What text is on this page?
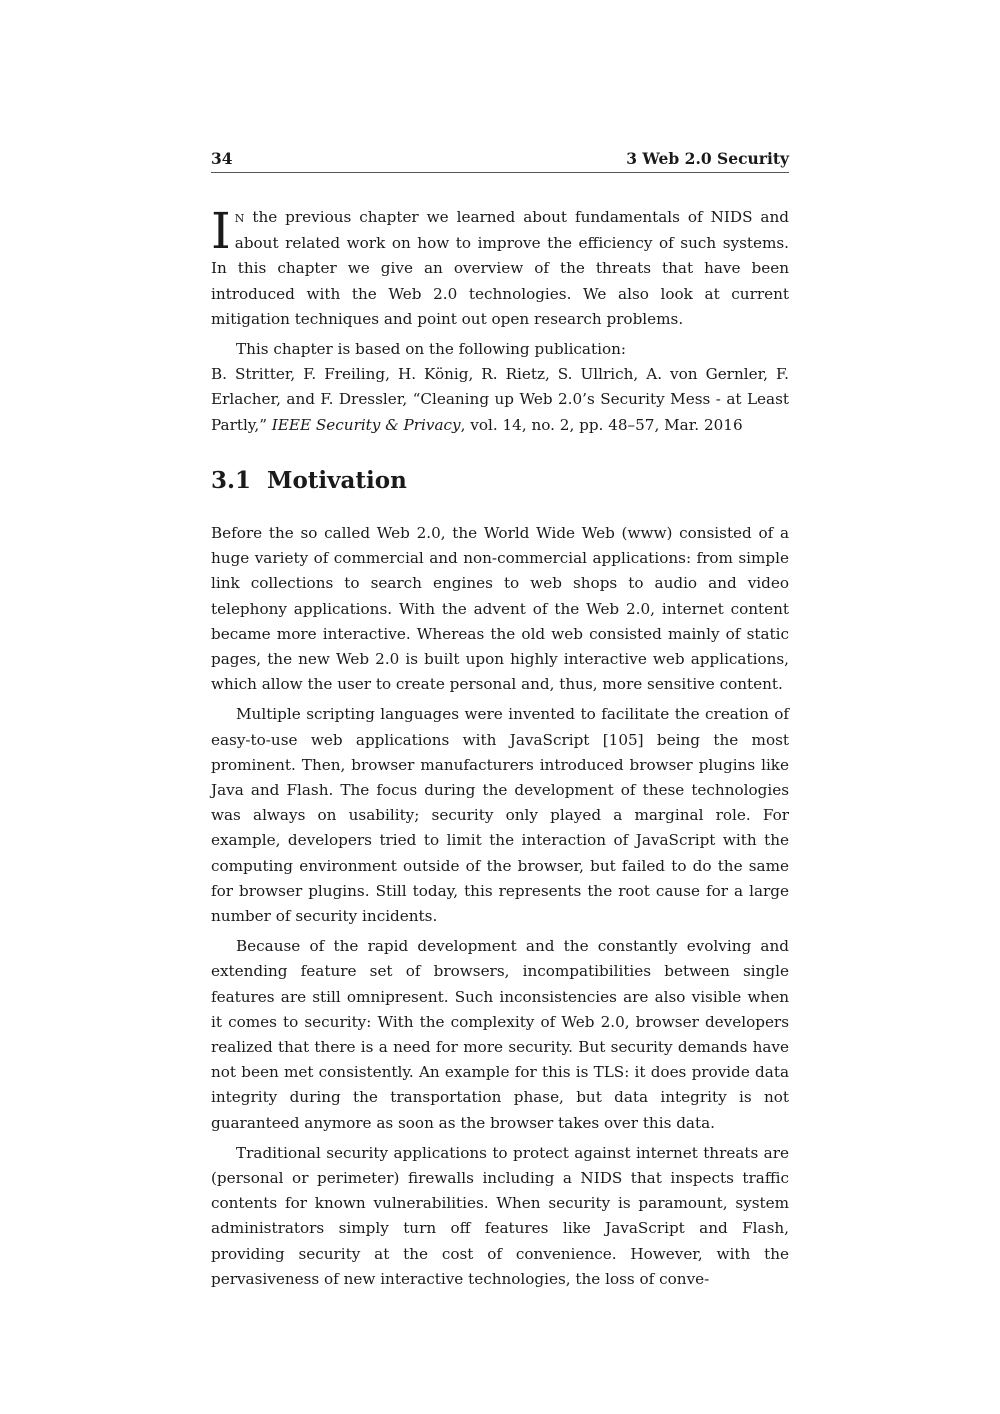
34	3 Web 2.0 Security

I N the previous chapter we learned about fundamentals of NIDS and about related work on how to improve the efficiency of such systems. In this chapter we give an overview of the threats that have been introduced with the Web 2.0 technologies. We also look at current mitigation techniques and point out open research problems.

This chapter is based on the following publication:

B. Stritter, F. Freiling, H. König, R. Rietz, S. Ullrich, A. von Gernler, F. Erlacher, and F. Dressler, “Cleaning up Web 2.0’s Security Mess - at Least Partly,” IEEE Security & Privacy, vol. 14, no. 2, pp. 48–57, Mar. 2016

3.1 Motivation

Before the so called Web 2.0, the World Wide Web (www) consisted of a huge variety of commercial and non-commercial applications: from simple link collections to search engines to web shops to audio and video telephony applications. With the advent of the Web 2.0, internet content became more interactive. Whereas the old web consisted mainly of static pages, the new Web 2.0 is built upon highly interactive web applications, which allow the user to create personal and, thus, more sensitive content.

Multiple scripting languages were invented to facilitate the creation of easy-to-use web applications with JavaScript [105] being the most prominent. Then, browser manufacturers introduced browser plugins like Java and Flash. The focus during the development of these technologies was always on usability; security only played a marginal role. For example, developers tried to limit the interaction of JavaScript with the computing environment outside of the browser, but failed to do the same for browser plugins. Still today, this represents the root cause for a large number of security incidents.

Because of the rapid development and the constantly evolving and extending feature set of browsers, incompatibilities between single features are still omnipresent. Such inconsistencies are also visible when it comes to security: With the complexity of Web 2.0, browser developers realized that there is a need for more security. But security demands have not been met consistently. An example for this is TLS: it does provide data integrity during the transportation phase, but data integrity is not guaranteed anymore as soon as the browser takes over this data.

Traditional security applications to protect against internet threats are (personal or perimeter) firewalls including a NIDS that inspects traffic contents for known vulnerabilities. When security is paramount, system administrators simply turn off features like JavaScript and Flash, providing security at the cost of convenience. However, with the pervasiveness of new interactive technologies, the loss of conve-
